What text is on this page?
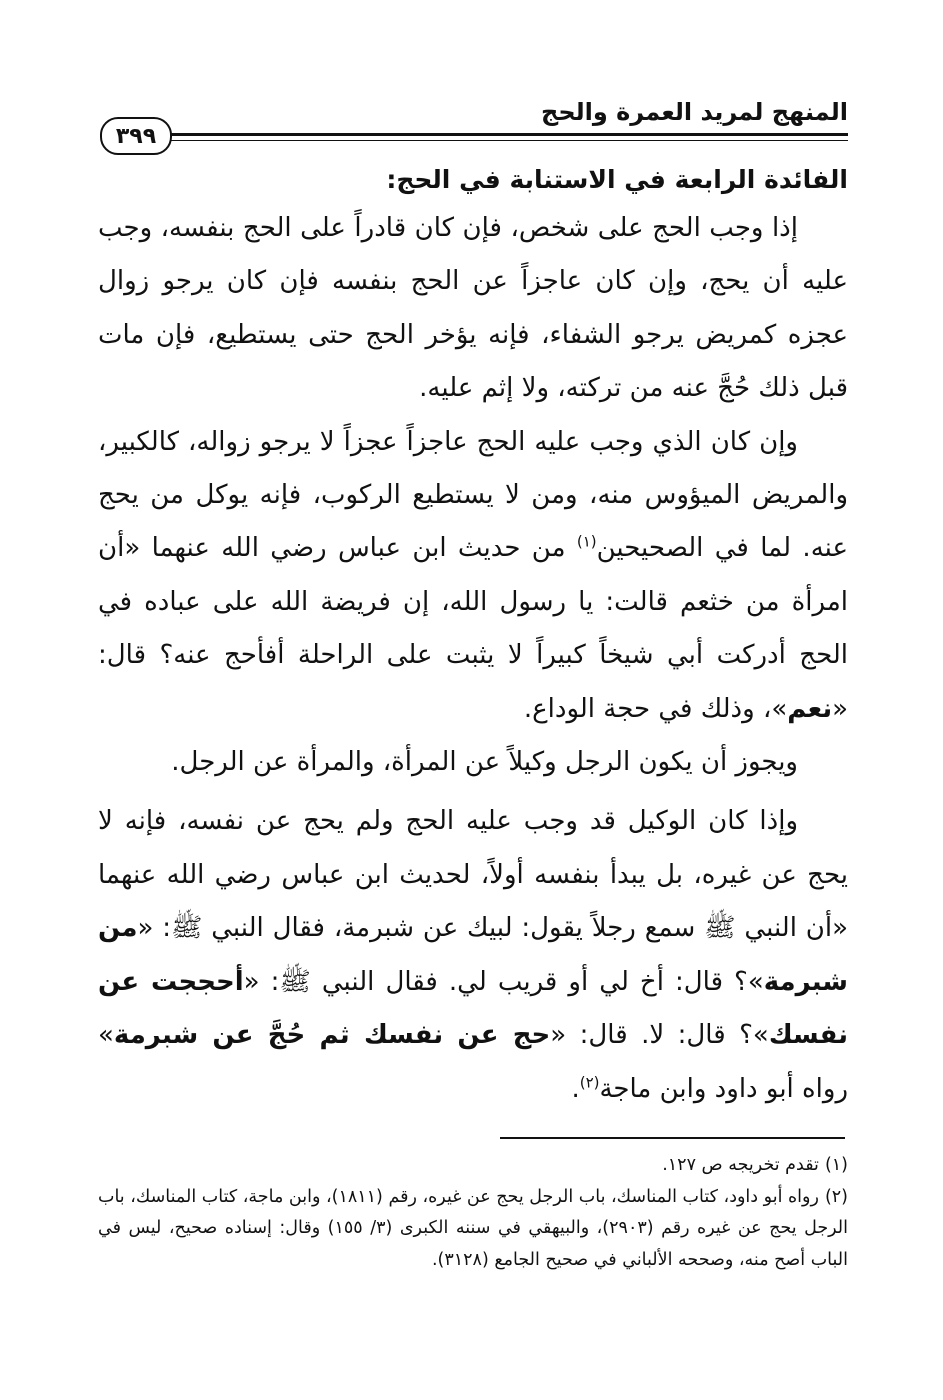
المنهج لمريد العمرة والحج
٣٩٩
الفائدة الرابعة في الاستنابة في الحج:

إذا وجب الحج على شخص، فإن كان قادراً على الحج بنفسه، وجب عليه أن يحج، وإن كان عاجزاً عن الحج بنفسه فإن كان يرجو زوال عجزه كمريض يرجو الشفاء، فإنه يؤخر الحج حتى يستطيع، فإن مات قبل ذلك حُجَّ عنه من تركته، ولا إثم عليه.

وإن كان الذي وجب عليه الحج عاجزاً عجزاً لا يرجو زواله، كالكبير، والمريض الميؤوس منه، ومن لا يستطيع الركوب، فإنه يوكل من يحج عنه. لما في الصحيحين$^{(١)}$ من حديث ابن عباس رضي الله عنهما «أن امرأة من خثعم قالت: يا رسول الله، إن فريضة الله على عباده في الحج أدركت أبي شيخاً كبيراً لا يثبت على الراحلة أفأحج عنه؟ قال: «نعم»، وذلك في حجة الوداع.

ويجوز أن يكون الرجل وكيلاً عن المرأة، والمرأة عن الرجل.

وإذا كان الوكيل قد وجب عليه الحج ولم يحج عن نفسه، فإنه لا يحج عن غيره، بل يبدأ بنفسه أولاً، لحديث ابن عباس رضي الله عنهما «أن النبي ﷺ سمع رجلاً يقول: لبيك عن شبرمة، فقال النبي ﷺ: «من شبرمة»؟ قال: أخ لي أو قريب لي. فقال النبي ﷺ: «أحججت عن نفسك»؟ قال: لا. قال: «حج عن نفسك ثم حُجَّ عن شبرمة» رواه أبو داود وابن ماجة$^{(٢)}$.

(١)تقدم تخريجه ص ١٢٧.

(٢)رواه أبو داود، كتاب المناسك، باب الرجل يحج عن غيره، رقم (١٨١١)، وابن ماجة، كتاب المناسك، باب الرجل يحج عن غيره رقم (٢٩٠٣)، والبيهقي في سننه الكبرى (٣/ ١٥٥) وقال: إسناده صحيح، ليس في الباب أصح منه، وصححه الألباني في صحيح الجامع (٣١٢٨).
